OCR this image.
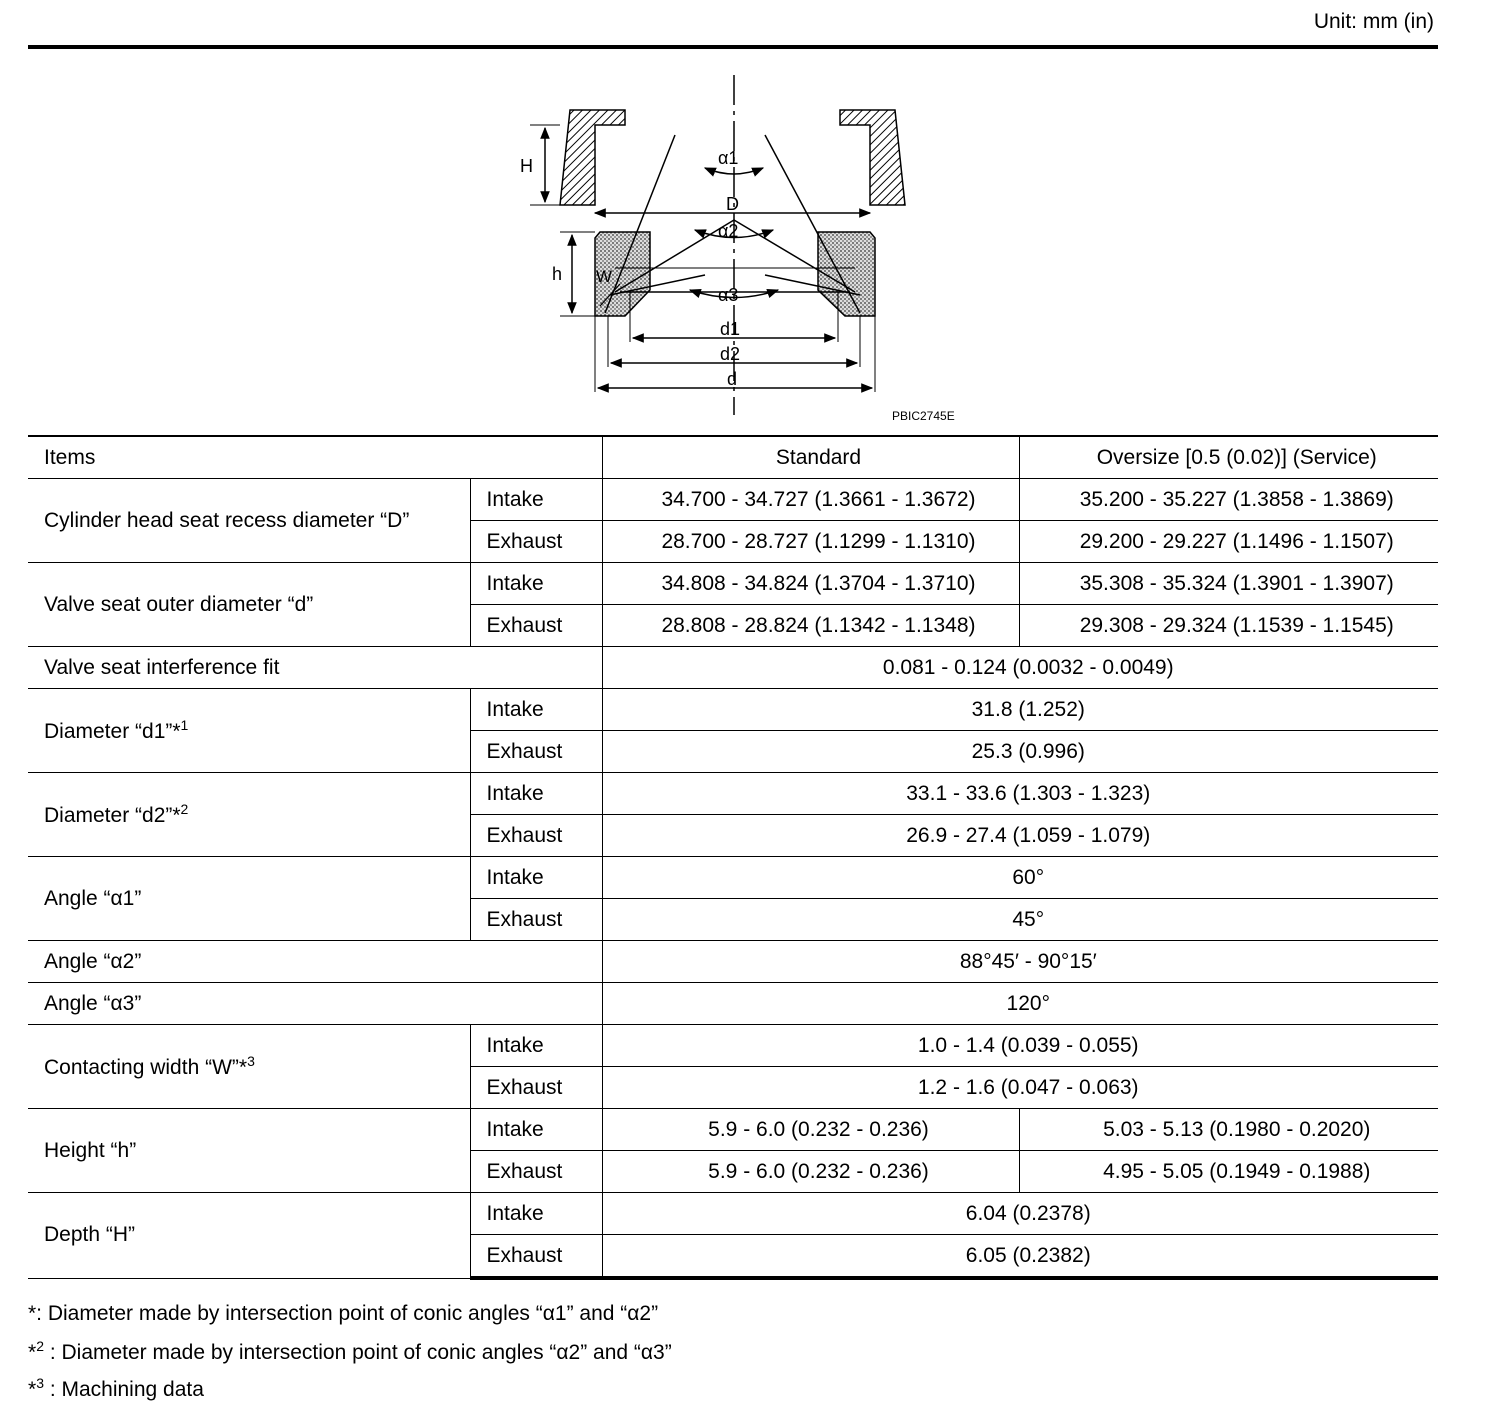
Unit: mm (in)
H
D
h
α1
α2
α3
W
d1
d2
d
PBIC2745E
Items		Standard	Oversize [0.5 (0.02)] (Service)
Cylinder head seat recess diameter “D”	Intake	34.700 - 34.727 (1.3661 - 1.3672)	35.200 - 35.227 (1.3858 - 1.3869)
	Exhaust	28.700 - 28.727 (1.1299 - 1.1310)	29.200 - 29.227 (1.1496 - 1.1507)
Valve seat outer diameter “d”	Intake	34.808 - 34.824 (1.3704 - 1.3710)	35.308 - 35.324 (1.3901 - 1.3907)
	Exhaust	28.808 - 28.824 (1.1342 - 1.1348)	29.308 - 29.324 (1.1539 - 1.1545)
Valve seat interference fit		0.081 - 0.124 (0.0032 - 0.0049)	
Diameter “d1”*$^1$	Intake	31.8 (1.252)	
	Exhaust	25.3 (0.996)	
Diameter “d2”*$^2$	Intake	33.1 - 33.6 (1.303 - 1.323)	
	Exhaust	26.9 - 27.4 (1.059 - 1.079)	
Angle “α1”	Intake	60°	
	Exhaust	45°	
Angle “α2”		88°45′ - 90°15′	
Angle “α3”		120°	
Contacting width “W”*$^3$	Intake	1.0 - 1.4 (0.039 - 0.055)	
	Exhaust	1.2 - 1.6 (0.047 - 0.063)	
Height “h”	Intake	5.9 - 6.0 (0.232 - 0.236)	5.03 - 5.13 (0.1980 - 0.2020)
	Exhaust	5.9 - 6.0 (0.232 - 0.236)	4.95 - 5.05 (0.1949 - 0.1988)
Depth “H”	Intake	6.04 (0.2378)	
	Exhaust	6.05 (0.2382)	
*: Diameter made by intersection point of conic angles “α1” and “α2”
*$^2$ : Diameter made by intersection point of conic angles “α2” and “α3”
*$^3$ : Machining data
